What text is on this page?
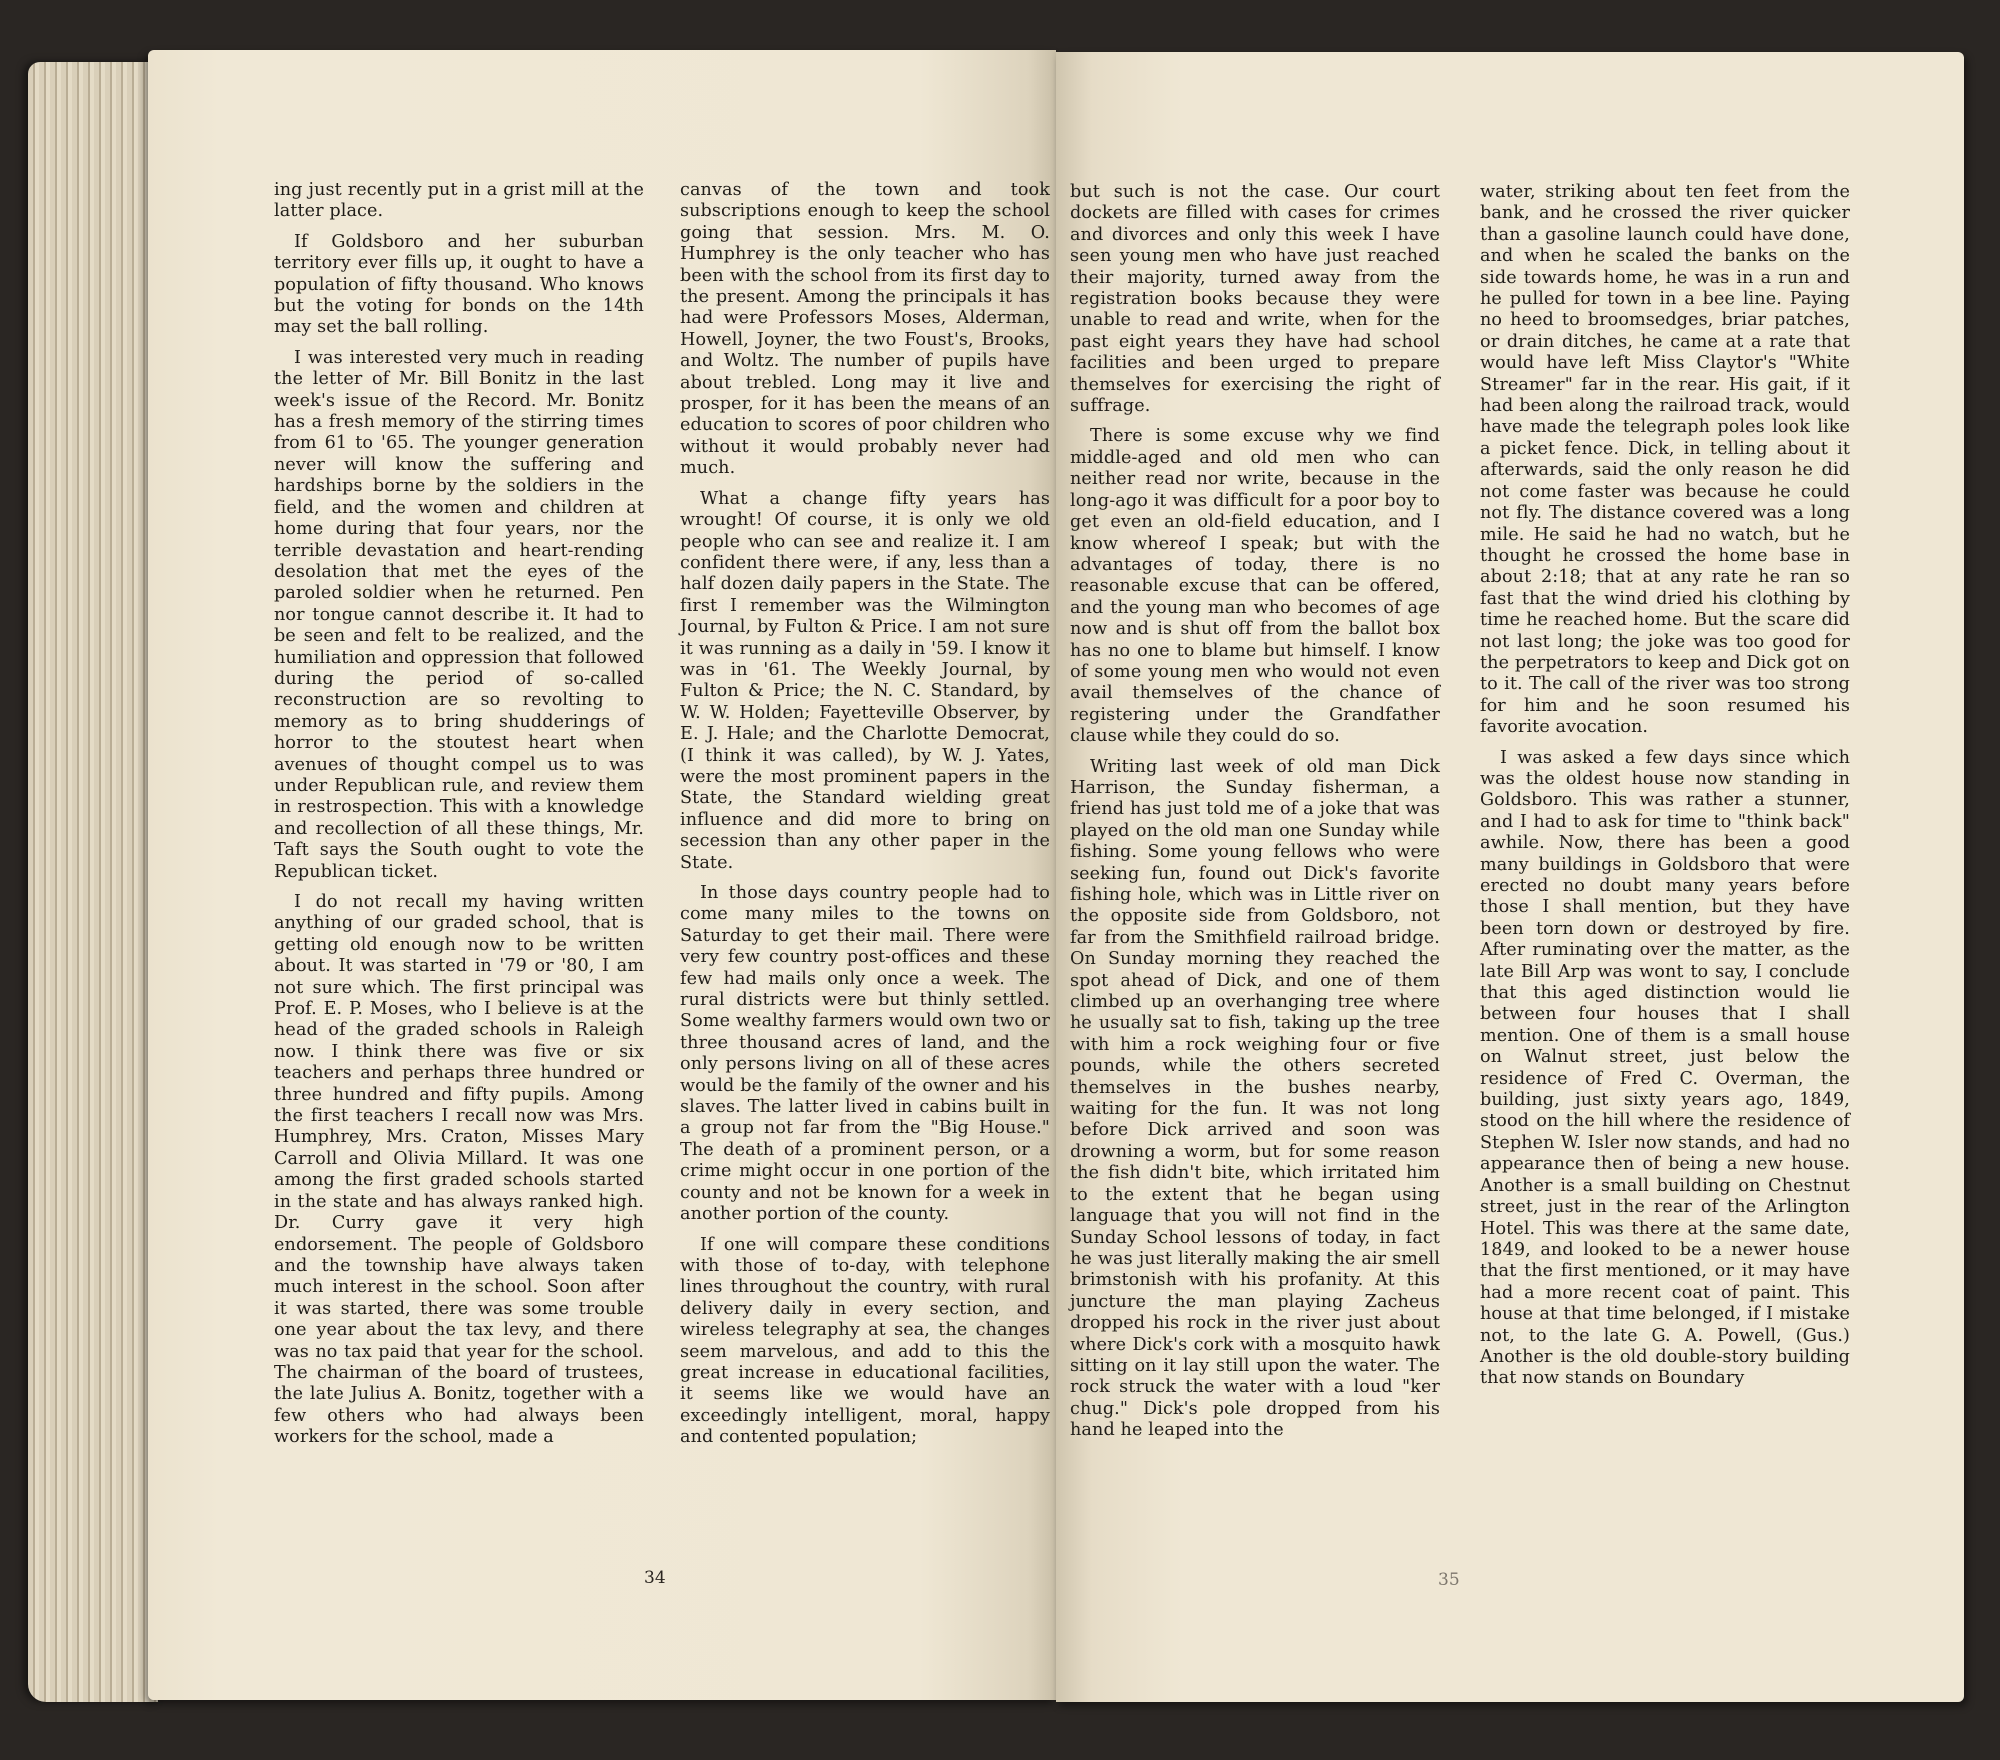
ing just recently put in a grist mill at the latter place.

If Goldsboro and her suburban territory ever fills up, it ought to have a population of fifty thousand. Who knows but the voting for bonds on the 14th may set the ball rolling.

I was interested very much in reading the letter of Mr. Bill Bonitz in the last week's issue of the Record. Mr. Bonitz has a fresh memory of the stirring times from 61 to '65. The younger generation never will know the suffering and hardships borne by the soldiers in the field, and the women and children at home during that four years, nor the terrible devastation and heart-rending desolation that met the eyes of the paroled soldier when he returned. Pen nor tongue cannot describe it. It had to be seen and felt to be realized, and the humiliation and oppression that followed during the period of so-called reconstruction are so revolting to memory as to bring shudderings of horror to the stoutest heart when avenues of thought compel us to was under Republican rule, and review them in restrospection. This with a knowledge and recollection of all these things, Mr. Taft says the South ought to vote the Republican ticket.

I do not recall my having written anything of our graded school, that is getting old enough now to be written about. It was started in '79 or '80, I am not sure which. The first principal was Prof. E. P. Moses, who I believe is at the head of the graded schools in Raleigh now. I think there was five or six teachers and perhaps three hundred or three hundred and fifty pupils. Among the first teachers I recall now was Mrs. Humphrey, Mrs. Craton, Misses Mary Carroll and Olivia Millard. It was one among the first graded schools started in the state and has always ranked high. Dr. Curry gave it very high endorsement. The people of Goldsboro and the township have always taken much interest in the school. Soon after it was started, there was some trouble one year about the tax levy, and there was no tax paid that year for the school. The chairman of the board of trustees, the late Julius A. Bonitz, together with a few others who had always been workers for the school, made a

canvas of the town and took subscriptions enough to keep the school going that session. Mrs. M. O. Humphrey is the only teacher who has been with the school from its first day to the present. Among the principals it has had were Professors Moses, Alderman, Howell, Joyner, the two Foust's, Brooks, and Woltz. The number of pupils have about trebled. Long may it live and prosper, for it has been the means of an education to scores of poor children who without it would probably never had much.

What a change fifty years has wrought! Of course, it is only we old people who can see and realize it. I am confident there were, if any, less than a half dozen daily papers in the State. The first I remember was the Wilmington Journal, by Fulton & Price. I am not sure it was running as a daily in '59. I know it was in '61. The Weekly Journal, by Fulton & Price; the N. C. Standard, by W. W. Holden; Fayetteville Observer, by E. J. Hale; and the Charlotte Democrat, (I think it was called), by W. J. Yates, were the most prominent papers in the State, the Standard wielding great influence and did more to bring on secession than any other paper in the State.

In those days country people had to come many miles to the towns on Saturday to get their mail. There were very few country post-offices and these few had mails only once a week. The rural districts were but thinly settled. Some wealthy farmers would own two or three thousand acres of land, and the only persons living on all of these acres would be the family of the owner and his slaves. The latter lived in cabins built in a group not far from the "Big House." The death of a prominent person, or a crime might occur in one portion of the county and not be known for a week in another portion of the county.

If one will compare these conditions with those of to-day, with telephone lines throughout the country, with rural delivery daily in every section, and wireless telegraphy at sea, the changes seem marvelous, and add to this the great increase in educational facilities, it seems like we would have an exceedingly intelligent, moral, happy and contented population;

34

but such is not the case. Our court dockets are filled with cases for crimes and divorces and only this week I have seen young men who have just reached their majority, turned away from the registration books because they were unable to read and write, when for the past eight years they have had school facilities and been urged to prepare themselves for exercising the right of suffrage.

There is some excuse why we find middle-aged and old men who can neither read nor write, because in the long-ago it was difficult for a poor boy to get even an old-field education, and I know whereof I speak; but with the advantages of today, there is no reasonable excuse that can be offered, and the young man who becomes of age now and is shut off from the ballot box has no one to blame but himself. I know of some young men who would not even avail themselves of the chance of registering under the Grandfather clause while they could do so.

Writing last week of old man Dick Harrison, the Sunday fisherman, a friend has just told me of a joke that was played on the old man one Sunday while fishing. Some young fellows who were seeking fun, found out Dick's favorite fishing hole, which was in Little river on the opposite side from Goldsboro, not far from the Smithfield railroad bridge. On Sunday morning they reached the spot ahead of Dick, and one of them climbed up an overhanging tree where he usually sat to fish, taking up the tree with him a rock weighing four or five pounds, while the others secreted themselves in the bushes nearby, waiting for the fun. It was not long before Dick arrived and soon was drowning a worm, but for some reason the fish didn't bite, which irritated him to the extent that he began using language that you will not find in the Sunday School lessons of today, in fact he was just literally making the air smell brimstonish with his profanity. At this juncture the man playing Zacheus dropped his rock in the river just about where Dick's cork with a mosquito hawk sitting on it lay still upon the water. The rock struck the water with a loud "ker chug." Dick's pole dropped from his hand he leaped into the

water, striking about ten feet from the bank, and he crossed the river quicker than a gasoline launch could have done, and when he scaled the banks on the side towards home, he was in a run and he pulled for town in a bee line. Paying no heed to broomsedges, briar patches, or drain ditches, he came at a rate that would have left Miss Claytor's "White Streamer" far in the rear. His gait, if it had been along the railroad track, would have made the telegraph poles look like a picket fence. Dick, in telling about it afterwards, said the only reason he did not come faster was because he could not fly. The distance covered was a long mile. He said he had no watch, but he thought he crossed the home base in about 2:18; that at any rate he ran so fast that the wind dried his clothing by time he reached home. But the scare did not last long; the joke was too good for the perpetrators to keep and Dick got on to it. The call of the river was too strong for him and he soon resumed his favorite avocation.

I was asked a few days since which was the oldest house now standing in Goldsboro. This was rather a stunner, and I had to ask for time to "think back" awhile. Now, there has been a good many buildings in Goldsboro that were erected no doubt many years before those I shall mention, but they have been torn down or destroyed by fire. After ruminating over the matter, as the late Bill Arp was wont to say, I conclude that this aged distinction would lie between four houses that I shall mention. One of them is a small house on Walnut street, just below the residence of Fred C. Overman, the building, just sixty years ago, 1849, stood on the hill where the residence of Stephen W. Isler now stands, and had no appearance then of being a new house. Another is a small building on Chestnut street, just in the rear of the Arlington Hotel. This was there at the same date, 1849, and looked to be a newer house that the first mentioned, or it may have had a more recent coat of paint. This house at that time belonged, if I mistake not, to the late G. A. Powell, (Gus.) Another is the old double-story building that now stands on Boundary

35
